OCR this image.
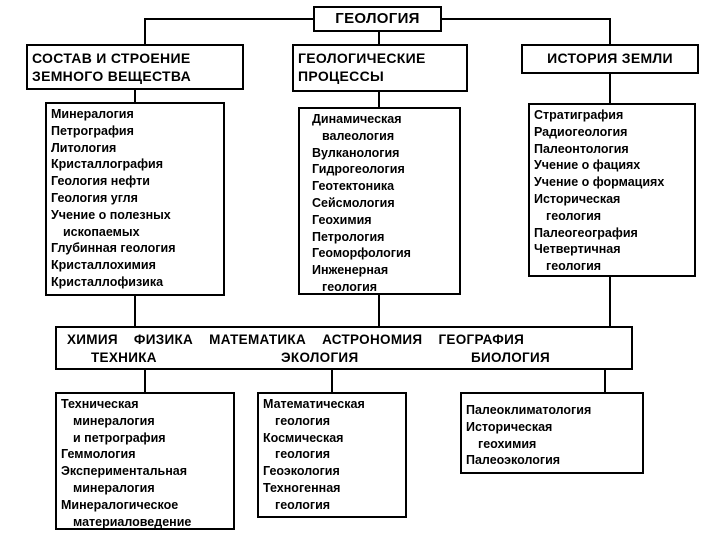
ГЕОЛОГИЯ
СОСТАВ И СТРОЕНИЕ
ЗЕМНОГО ВЕЩЕСТВА
ГЕОЛОГИЧЕСКИЕ
ПРОЦЕССЫ
ИСТОРИЯ ЗЕМЛИ
Минералогия
Петрография
Литология
Кристаллография
Геология нефти
Геология угля
Учение о полезных
ископаемых
Глубинная геология
Кристаллохимия
Кристаллофизика
Динамическая
валеология
Вулканология
Гидрогеология
Геотектоника
Сейсмология
Геохимия
Петрология
Геоморфология
Инженерная
геология
Стратиграфия
Радиогеология
Палеонтология
Учение о фациях
Учение о формациях
Историческая
геология
Палеогеография
Четвертичная
геология
ХИМИЯ ФИЗИКА МАТЕМАТИКА АСТРОНОМИЯ ГЕОГРАФИЯ
ТЕХНИКА	ЭКОЛОГИЯ	БИОЛОГИЯ
Техническая
минералогия
и петрография
Геммология
Экспериментальная
минералогия
Минералогическое
материаловедение
Математическая
геология
Космическая
геология
Геоэкология
Техногенная
геология
Палеоклиматология
Историческая
геохимия
Палеоэкология
